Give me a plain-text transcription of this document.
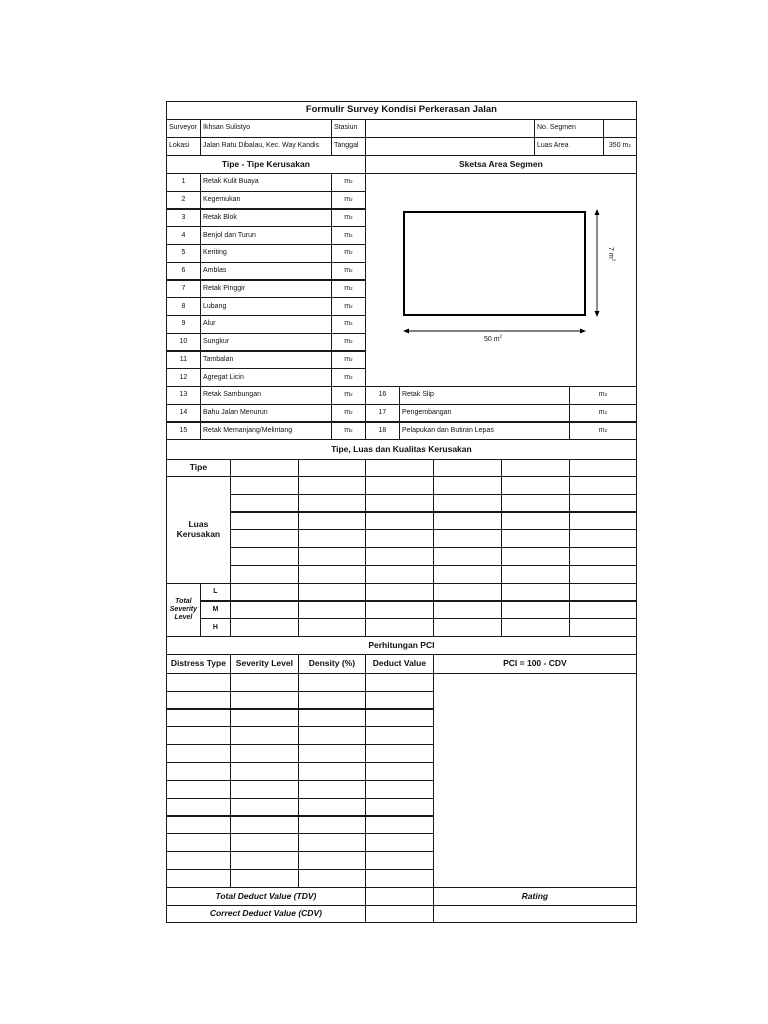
Formulir Survey Kondisi Perkerasan Jalan
Surveyor Ikhsan Sulistyo	Stasiun	No. Segmen
Lokasi	Jalan Ratu Dibalau, Kec. Way Kandis	Tanggal	Luas Area	350 m 2
Tipe - Tipe Kerusakan	Sketsa Area Segmen
1	Retak Kulit Buaya	m 2
2	Kegemukan	m 2
3	Retak Blok	m 2
4	Benjol dan Turun	m 2
5	Keriting	m 2
6	Amblas	m 2
7	Retak Pinggir	m 2
8	Lubang	m 2
9	Alur	m 2
10	Sungkur	m 2
11	Tambalan	m 2
12	Agregat Licin	m 2
13	Retak Sambungan	m 2
14	Bahu Jalan Menurun	m 2
15	Retak Memanjang/Melintang	m 2
16	Retak Slip	m 2
17	Pengembangan	m 2
18	Pelapukan dan Butiran Lepas	m 2
50 $m^2$
7 $m^2$
Tipe, Luas dan Kualitas Kerusakan
Tipe
Luas
Kerusakan
Total
Severity
Level
L
M
H
Perhitungan PCI
Distress Type	Severity Level	Density (%)	Deduct Value	PCI = 100 - CDV
Total Deduct Value (TDV)	Rating
Correct Deduct Value (CDV)
